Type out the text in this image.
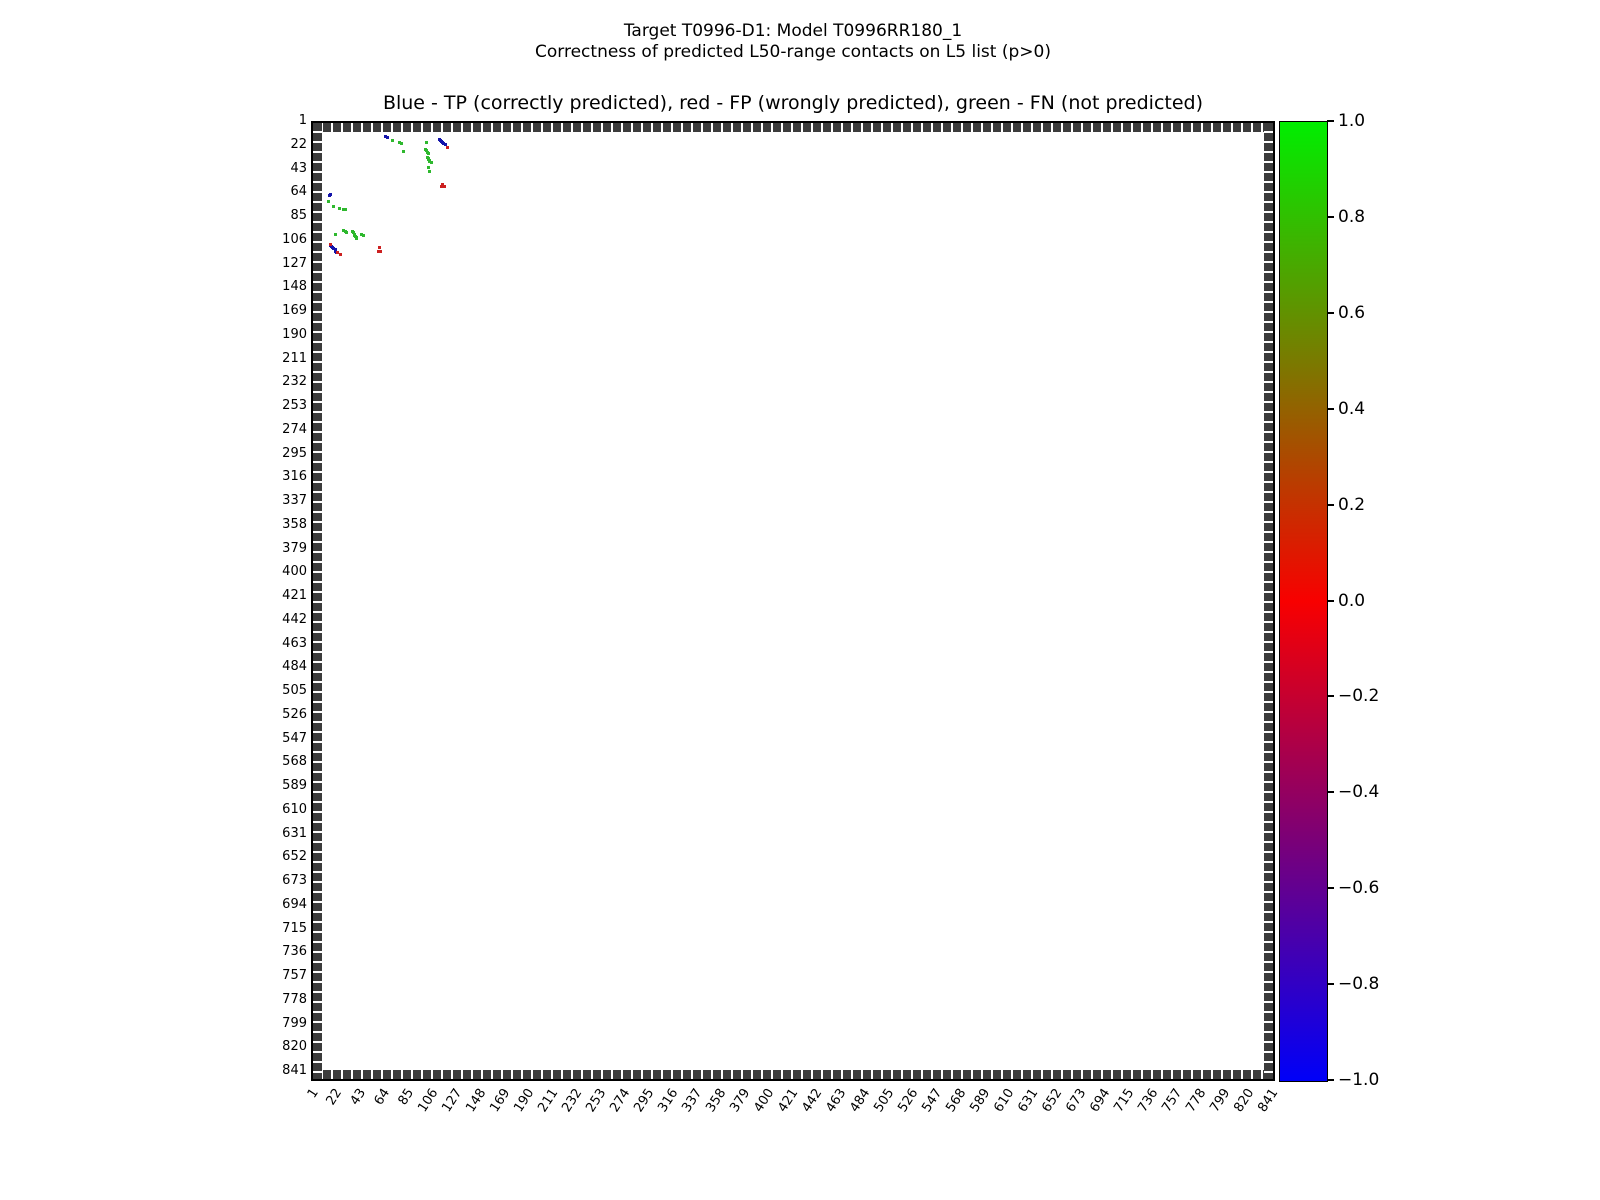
Target T0996-D1: Model T0996RR180_1
Correctness of predicted L50-range contacts on L5 list (p>0)
Blue - TP (correctly predicted), red - FP (wrongly predicted), green - FN (not predicted)
1
22
43
64
85
106
127
148
169
190
211
232
253
274
295
316
337
358
379
400
421
442
463
484
505
526
547
568
589
610
631
652
673
694
715
736
757
778
799
820
841
1 22 43 64 85
106
127
148
169
190
211
232
253
274
295
316
337
358
379
400
421
442
463
484
505
526
547
568
589
610
631
652
673
694
715
736
757
778
799
820
841
1.0
0.8
0.6
0.4
0.2
0.0
−0.2
−0.4
−0.6
−0.8
−1.0
